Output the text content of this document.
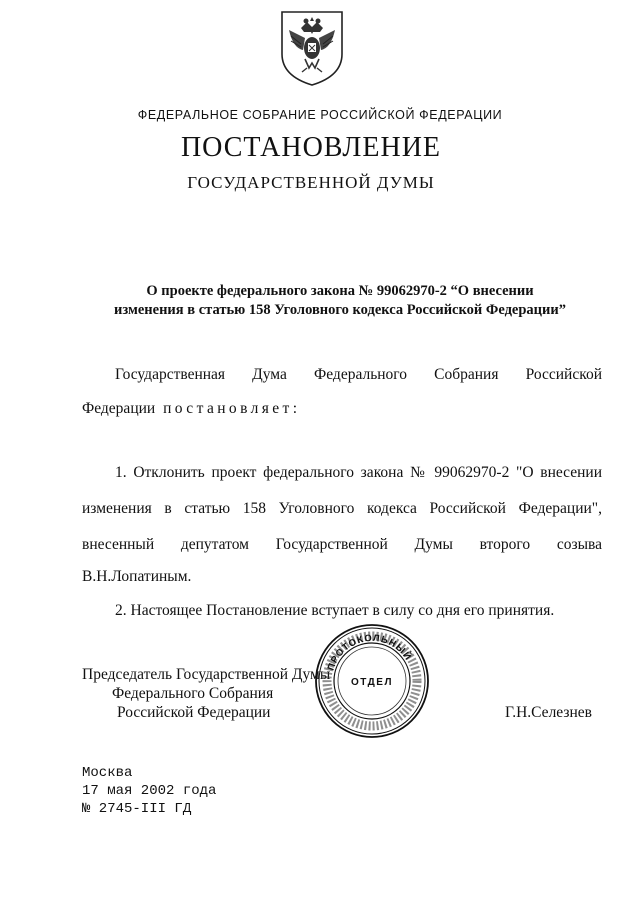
ФЕДЕРАЛЬНОЕ СОБРАНИЕ РОССИЙСКОЙ ФЕДЕРАЦИИ
ПОСТАНОВЛЕНИЕ
ГОСУДАРСТВЕННОЙ ДУМЫ
О проекте федерального закона № 99062970-2 “О внесении
изменения в статью 158 Уголовного кодекса Российской Федерации”
Государственная Дума Федерального Собрания Российской
Федерации постановляет:
1. Отклонить проект федерального закона № 99062970-2 "О внесении
изменения в статью 158 Уголовного кодекса Российской Федерации",
внесенный депутатом Государственной Думы второго созыва
В.Н.Лопатиным.
2. Настоящее Постановление вступает в силу со дня его принятия.
Председатель Государственной Думы
Федерального Собрания
Российской Федерации	Г.Н.Селезнев
ПРОТОКОЛЬНЫЙ
ОТДЕЛ
Москва
17 мая 2002 года
№ 2745-III ГД
